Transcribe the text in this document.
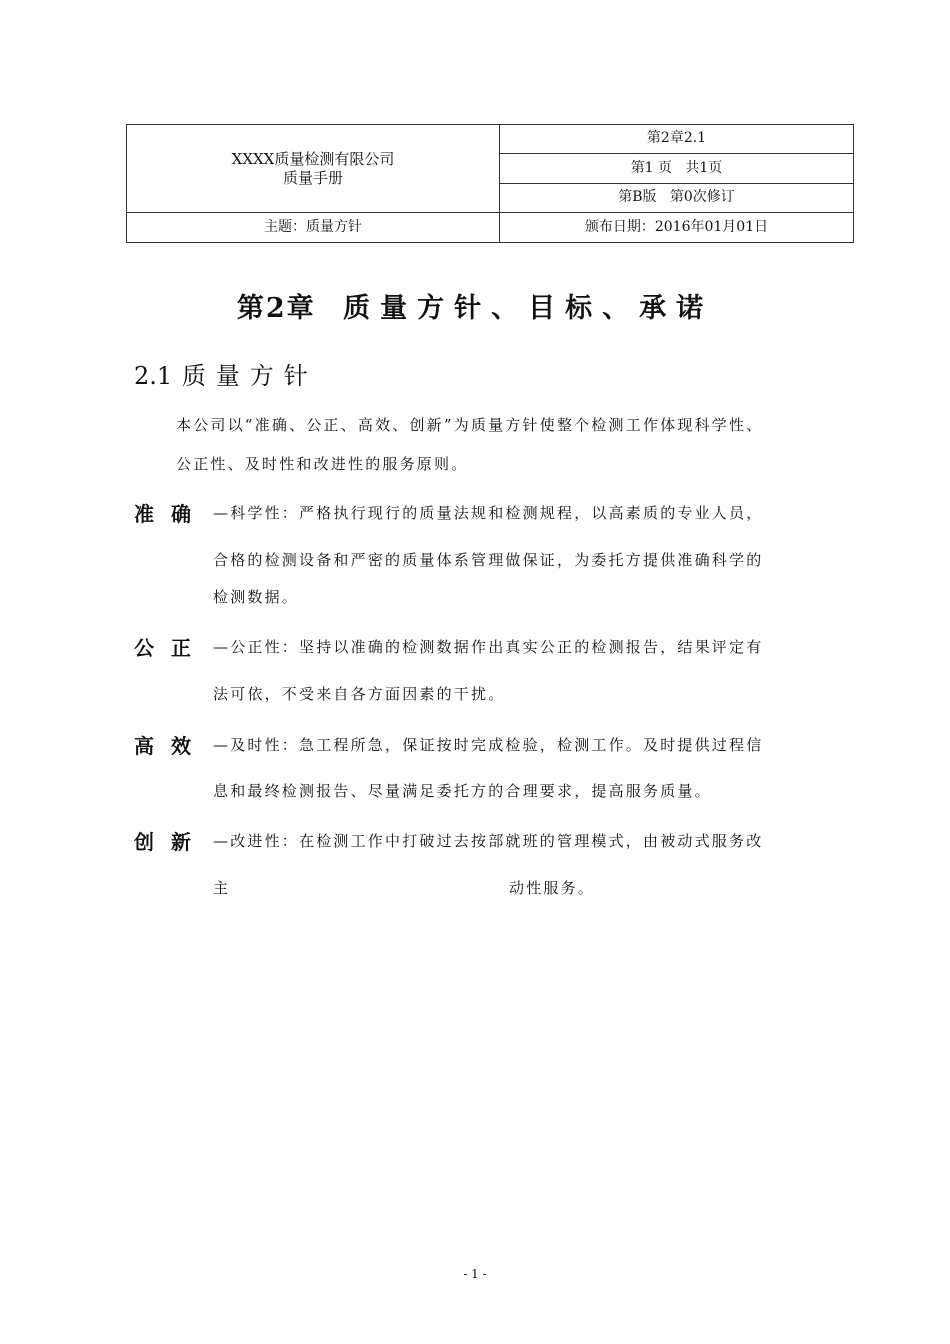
XXXX质量检测有限公司
质量手册	第2章2.1
	第1 页   共1页
	第B版   第0次修订
主题：质量方针	颁布日期：2016年01月01日
第2章 质量方针、目标、承诺
2.1 质量方针
本公司以“准确、公正、高效、创新”为质量方针使整个检测工作体现科学性、
公正性、及时性和改进性的服务原则。
准确 —科学性：严格执行现行的质量法规和检测规程，以高素质的专业人员，
合格的检测设备和严密的质量体系管理做保证，为委托方提供准确科学的
检测数据。
公正 —公正性：坚持以准确的检测数据作出真实公正的检测报告，结果评定有
法可依，不受来自各方面因素的干扰。
高效 —及时性：急工程所急，保证按时完成检验，检测工作。及时提供过程信
息和最终检测报告、尽量满足委托方的合理要求，提高服务质量。
创新 —改进性：在检测工作中打破过去按部就班的管理模式，由被动式服务改
主	动性服务。
- 1 -
